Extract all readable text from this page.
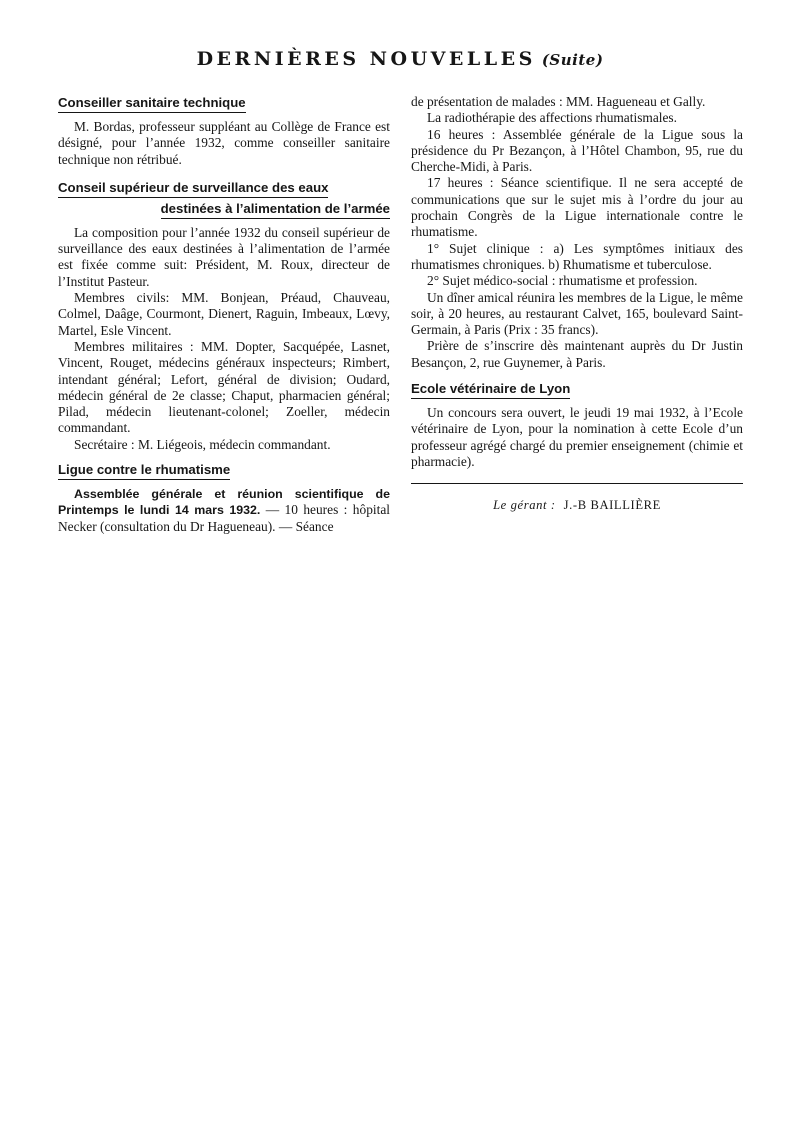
DERNIÈRES NOUVELLES (Suite)
Conseiller sanitaire technique

M. Bordas, professeur suppléant au Collège de France est désigné, pour l’année 1932, comme conseiller sanitaire technique non rétribué.

Conseil supérieur de surveillance des eaux
destinées à l’alimentation de l’armée

La composition pour l’année 1932 du conseil supérieur de surveillance des eaux destinées à l’alimentation de l’armée est fixée comme suit: Président, M. Roux, directeur de l’Institut Pasteur.

Membres civils: MM. Bonjean, Préaud, Chauveau, Colmel, Daâge, Courmont, Dienert, Raguin, Imbeaux, Lœvy, Martel, Esle Vincent.

Membres militaires : MM. Dopter, Sacquépée, Lasnet, Vincent, Rouget, médecins généraux inspecteurs; Rimbert, intendant général; Lefort, général de division; Oudard, médecin général de 2e classe; Chaput, pharmacien général; Pilad, médecin lieutenant-colonel; Zoeller, médecin commandant.

Secrétaire : M. Liégeois, médecin commandant.

Ligue contre le rhumatisme

Assemblée générale et réunion scientifique de Printemps le lundi 14 mars 1932. — 10 heures : hôpital Necker (consultation du Dr Hagueneau). — Séance

de présentation de malades : MM. Hagueneau et Gally.

La radiothérapie des affections rhumatismales.

16 heures : Assemblée générale de la Ligue sous la présidence du Pr Bezançon, à l’Hôtel Chambon, 95, rue du Cherche-Midi, à Paris.

17 heures : Séance scientifique. Il ne sera accepté de communications que sur le sujet mis à l’ordre du jour au prochain Congrès de la Ligue internationale contre le rhumatisme.

1° Sujet clinique : a) Les symptômes initiaux des rhumatismes chroniques. b) Rhumatisme et tuberculose.

2° Sujet médico-social : rhumatisme et profession.

Un dîner amical réunira les membres de la Ligue, le même soir, à 20 heures, au restaurant Calvet, 165, boulevard Saint-Germain, à Paris (Prix : 35 francs).

Prière de s’inscrire dès maintenant auprès du Dr Justin Besançon, 2, rue Guynemer, à Paris.

Ecole vétérinaire de Lyon

Un concours sera ouvert, le jeudi 19 mai 1932, à l’Ecole vétérinaire de Lyon, pour la nomination à cette Ecole d’un professeur agrégé chargé du premier enseignement (chimie et pharmacie).

Le gérant : J.-B BAILLIÈRE
